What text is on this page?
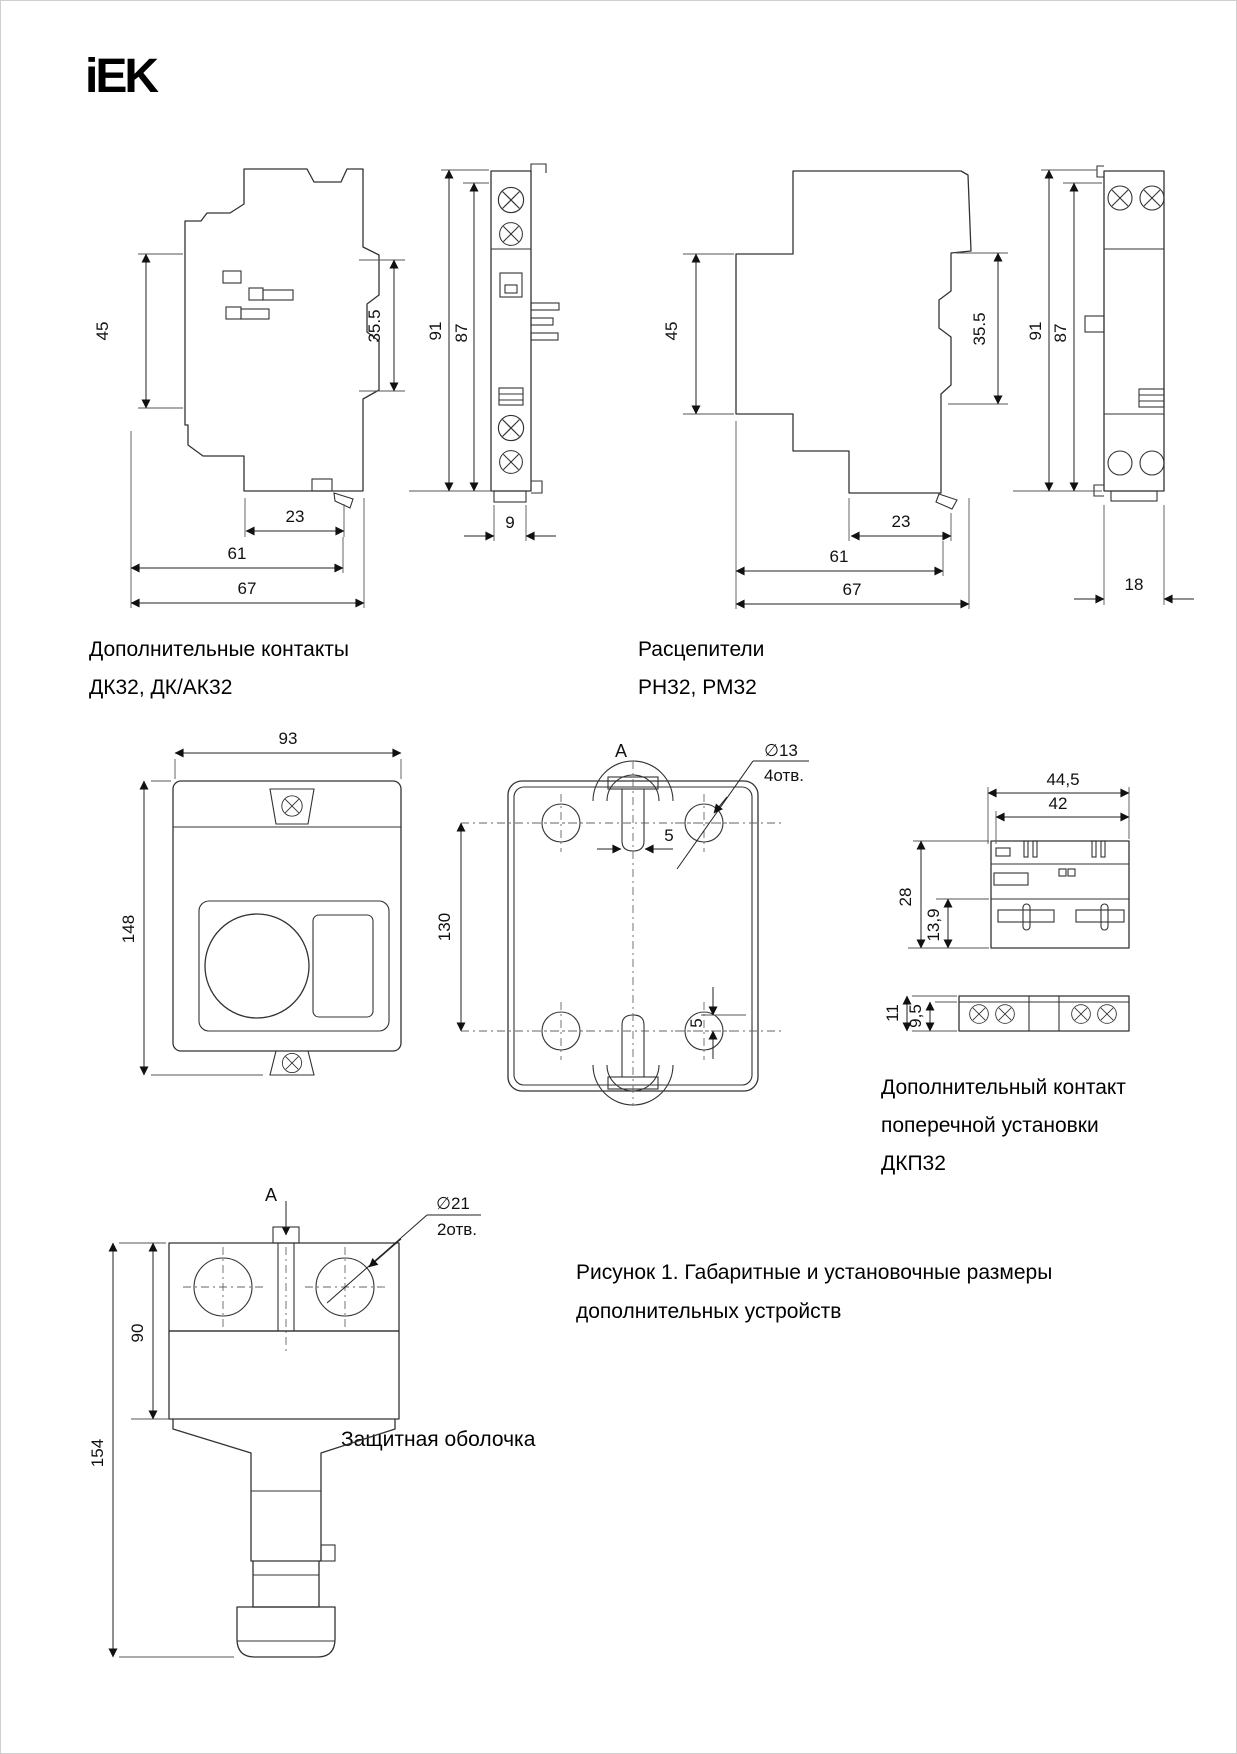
iEK
Дополнительные контакты
ДК32, ДК/АК32
Расцепители
РН32, РМ32
Дополнительный контакт
поперечной установки
ДКП32
Рисунок 1. Габаритные и установочные размеры
дополнительных устройств
Защитная оболочка
45	35.5
23
61
67
91 87
9
45	35.5
23
61
67
91 87
18
93
148
A
130
5
5
∅13
4отв.	44,5
42
28
13,9
11 9,5
A	∅21
2отв.
154
90
